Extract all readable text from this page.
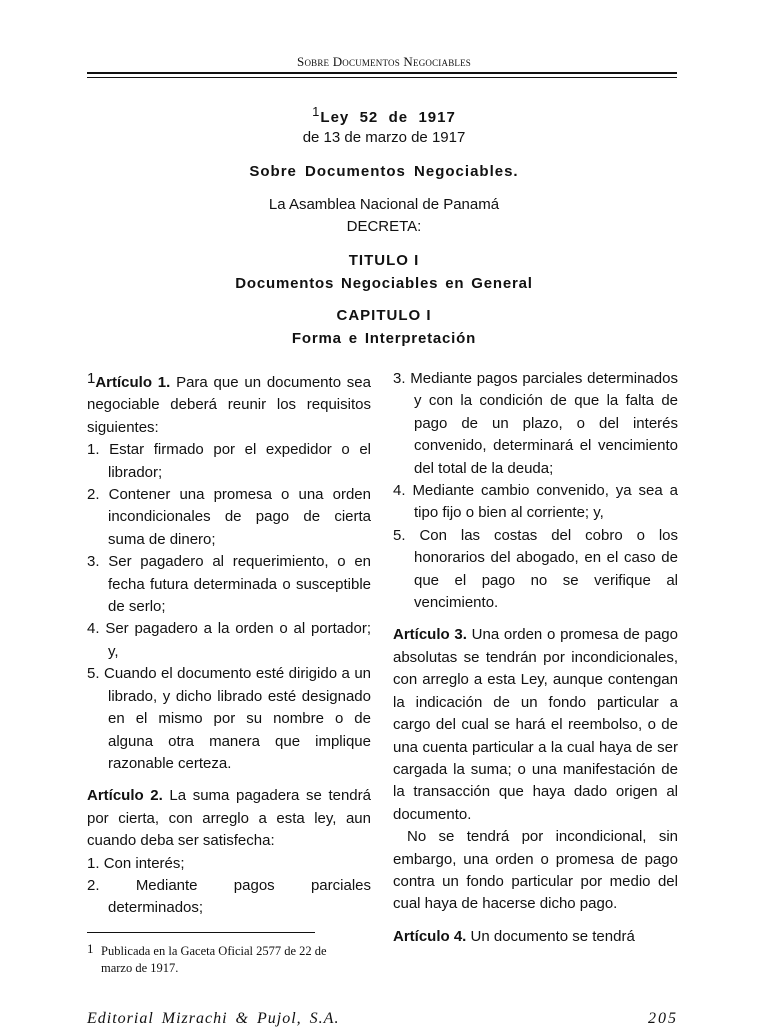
Sobre Documentos Negociables
$^1$Ley  52  de  1917
de 13 de marzo de 1917
Sobre Documentos Negociables.
La Asamblea Nacional de Panamá
DECRETA:
TITULO I
Documentos Negociables en General
CAPITULO I
Forma e Interpretación

1Artículo 1. Para que un documento sea negociable deberá reunir los requisitos siguientes:

1. Estar firmado por el expedidor o el librador;
2. Contener una promesa o una orden incondicionales de pago de cierta suma de dinero;
3. Ser pagadero al requerimiento, o en fecha futura determinada o susceptible de serlo;
4. Ser pagadero a la orden o al portador; y,
5. Cuando el documento esté dirigido a un librado, y dicho librado esté designado en el mismo por su nombre o de alguna otra manera que implique razonable certeza.

Artículo 2. La suma pagadera se tendrá por cierta, con arreglo a esta ley, aun cuando deba ser satisfecha:

1. Con interés;
2. Mediante pagos parciales determinados;
3. Mediante pagos parciales determinados y con la condición de que la falta de pago de un plazo, o del interés convenido, determinará el vencimiento del total de la deuda;
4. Mediante cambio convenido, ya sea a tipo fijo o bien al corriente; y,
5. Con las costas del cobro o los honorarios del abogado, en el caso de que el pago no se verifique al vencimiento.

Artículo 3. Una orden o promesa de pago absolutas se tendrán por incondicionales, con arreglo a esta Ley, aunque contengan la indicación de un fondo particular a cargo del cual se hará el reembolso, o de una cuenta particular a la cual haya de ser cargada la suma; o una manifestación de la transacción que haya dado origen al documento.

No se tendrá por incondicional, sin embargo, una orden o promesa de pago contra un fondo particular por medio del cual haya de hacerse dicho pago.

Artículo 4. Un documento se tendrá

1 Publicada en la Gaceta Oficial 2577 de 22 de
marzo de 1917.
Editorial Mizrachi & Pujol, S.A.	205
